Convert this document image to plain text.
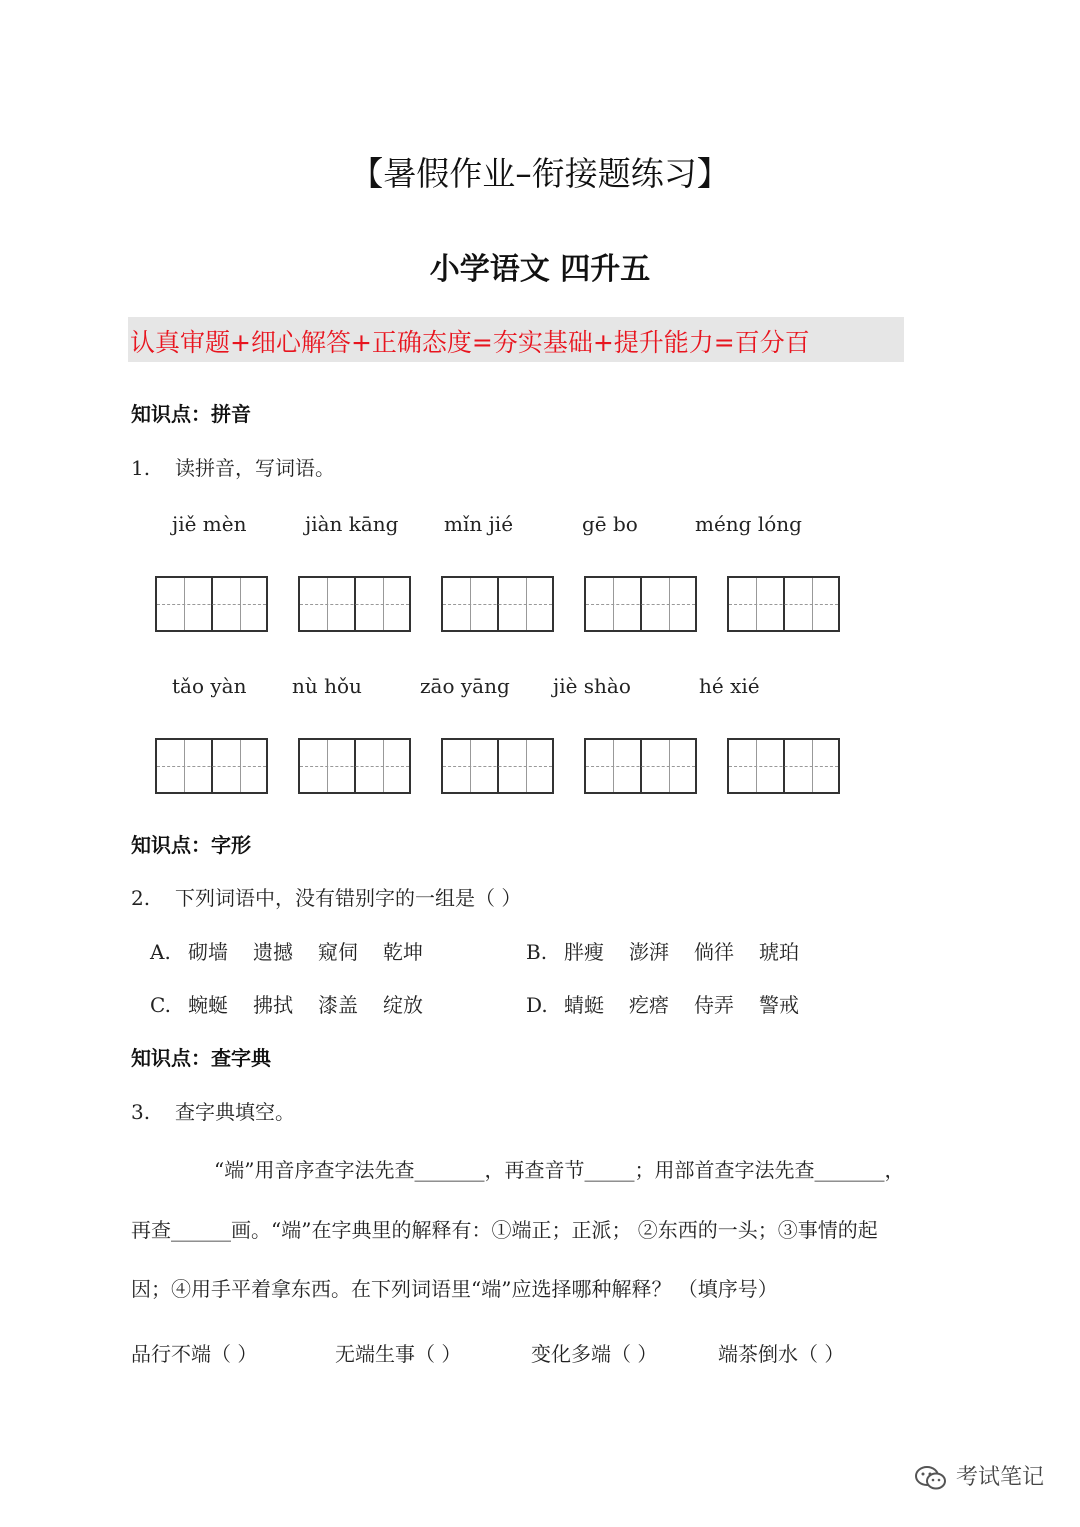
【暑假作业–衔接题练习】
小学语文 四升五
认真审题+细心解答+正确态度=夯实基础+提升能力=百分百
知识点：拼音
1. 读拼音，写词语。
jiě mèn	jiàn kāng mǐn jié	gē bo	méng lóng
tǎo yàn nù hǒu	zāo yāng jiè shào	hé xié
知识点：字形
2. 下列词语中，没有错别字的一组是（ ）
A. 砌墙 遗撼 窥伺 乾坤	B. 胖瘦 澎湃 倘徉 琥珀
C. 蜿蜒 拂拭 漆盖 绽放	D. 蜻蜓 疙瘩 侍弄 警戒
知识点：查字典
3. 查字典填空。
“端”用音序查字法先查_______，再查音节_____；用部首查字法先查_______，
再查______画。“端”在字典里的解释有：①端正；正派； ②东西的一头；③事情的起
因；④用手平着拿东西。在下列词语里“端”应选择哪种解释？ （填序号）
品行不端（ ）	无端生事（ ）	变化多端（ ）	端茶倒水（ ）
考试笔记
